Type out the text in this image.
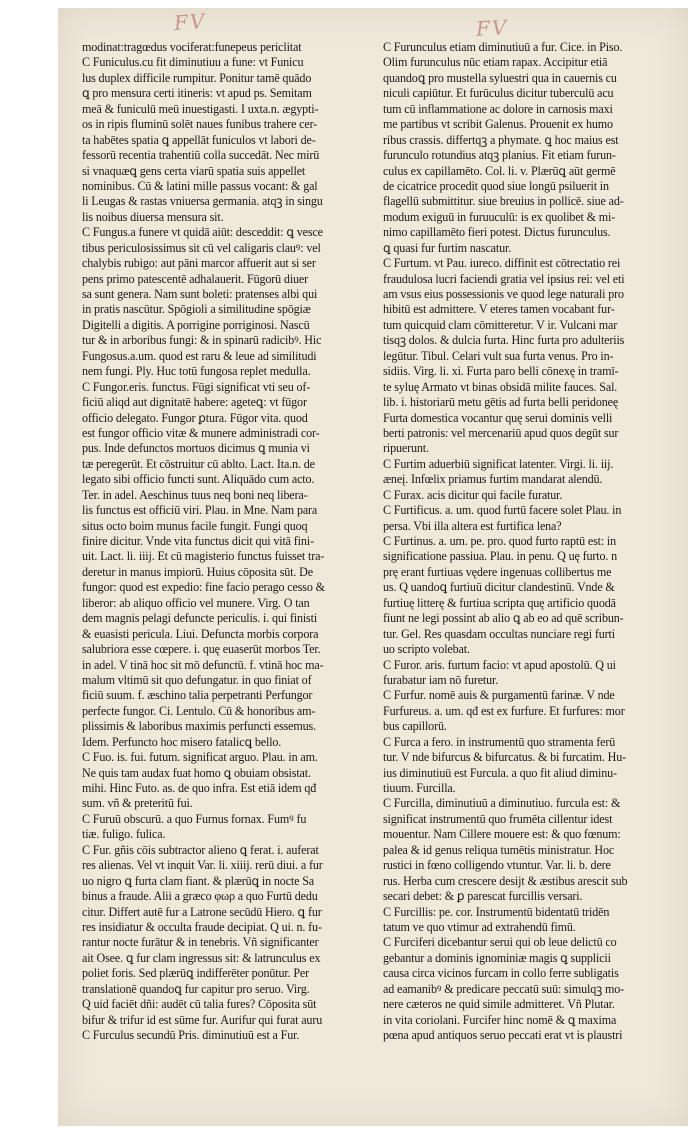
FV	FV
modinat:tragœdus vociferat:funepeus periclitat
C Funiculus.cu fit diminutiuu a fune: vt Funicu
lus duplex difficile rumpitur. Ponitur tamē quādo
ꝗ pro mensura certi itineris: vt apud ps. Semitam
meā & funiculū meū inuestigasti. I uxta.n. ægypti-
os in ripis fluminū solēt naues funibus trahere cer-
ta habētes spatia ꝗ appellāt funiculos vt labori de-
fessorū recentia trahentiū colla succedāt. Nec mirū
si vnaquæꝗ gens certa viarū spatia suis appellet
nominibus. Cū & latini mille passus vocant: & gal
li Leugas & rastas vniuersa germania. atqꝫ in singu
lis noibus diuersa mensura sit.
C Fungus.a funere vt quidā aiūt: desceddit: ꝗ vesce
tibus periculosissimus sit cū vel caligaris clauꝰ: vel
chalybis rubigo: aut pāni marcor affuerit aut si ser
pens primo patescentē adhalauerit. Fūgorū diuer
sa sunt genera. Nam sunt boleti: pratenses albi qui
in pratis nascūtur. Spōgioli a similitudine spōgiæ
Digitelli a digitis. A porrigine porriginosi. Nascū
tur & in arboribus fungi: & in spinarū radicibꝰ. Hic
Fungosus.a.um. quod est raru & leue ad similitudi
nem fungi. Ply. Huc totū fungosa replet medulla.
C Fungor.eris. functus. Fūgi significat vti seu of-
ficiū aliqd aut dignitatē habere: ageteꝗ: vt fūgor
officio delegato. Fungor ꝑtura. Fūgor vita. quod
est fungor officio vitæ & munere administradi cor-
pus. Inde defunctos mortuos dicimus ꝗ munia vi
tæ peregerūt. Et cōstruitur cū ablto. Lact. Ita.n. de
legato sibi officio functi sunt. Aliquādo cum acto.
Ter. in adel. Aeschinus tuus neq boni neq libera-
lis functus est officiū viri. Plau. in Mne. Nam para
situs octo boim munus facile fungit. Fungi quoq
finire dicitur. Vnde vita functus dicit qui vitā fini-
uit. Lact. li. iiij. Et cū magisterio functus fuisset tra-
deretur in manus impiorū. Huius cōposita sūt. De
fungor: quod est expedio: fine facio perago cesso &
liberor: ab aliquo officio vel munere. Virg. O tan
dem magnis pelagi defuncte periculis. i. qui finisti
& euasisti pericula. Liui. Defuncta morbis corpora
salubriora esse cœpere. i. quę euaserūt morbos Ter.
in adel. V tinā hoc sit mō defunctū. f. vtinā hoc ma-
malum vltimū sit quo defungatur. in quo finiat of
ficiū suum. f. æschino talia perpetranti Perfungor
perfecte fungor. Ci. Lentulo. Cū & honoribus am-
plissimis & laboribus maximis perfuncti essemus.
Idem. Perfuncto hoc misero fatalicꝗ bello.
C Fuo. is. fui. futum. significat arguo. Plau. in am.
Ne quis tam audax fuat homo ꝗ obuiam obsistat.
mihi. Hinc Futo. as. de quo infra. Est etiā idem qđ
sum. vñ & preteritū fui.
C Furuū obscurū. a quo Furnus fornax. Fumꝰ fu
tiæ. fuligo. fulica.
C Fur. gñis cōis subtractor alieno ꝗ ferat. i. auferat
res alienas. Vel vt inquit Var. li. xiiij. rerū diui. a fur
uo nigro ꝗ furta clam fiant. & plærūꝗ in nocte Sa
binus a fraude. Alii a græco φωρ a quo Furtū dedu
citur. Differt autē fur a Latrone secūdū Hiero. ꝗ fur
res insidiatur & occulta fraude decipiat. Q ui. n. fu-
rantur nocte furātur & in tenebris. Vñ significanter
ait Osee. ꝗ fur clam ingressus sit: & latrunculus ex
poliet foris. Sed plærūꝗ indifferēter ponūtur. Per
translationē quandoꝗ fur capitur pro seruo. Virg.
Q uid faciēt dñi: audēt cū talia fures? Cōposita sūt
bifur & trifur id est sūme fur. Aurifur qui furat auru
C Furculus secundū Pris. diminutiuū est a Fur.
C Furunculus etiam diminutiuū a fur. Cice. in Piso.
Olim furunculus nūc etiam rapax. Accipitur etiā
quandoꝗ pro mustella syluestri qua in cauernis cu
niculi capiūtur. Et furūculus dicitur tuberculū acu
tum cū inflammatione ac dolore in carnosis maxi
me partibus vt scribit Galenus. Prouenit ex humo
ribus crassis. differtqꝫ a phymate. ꝗ hoc maius est
furunculo rotundius atqꝫ planius. Fit etiam furun-
culus ex capillamēto. Col. li. v. Plærūꝗ aūt germē
de cicatrice procedit quod siue longū psiluerit in
flagellū submittitur. siue breuius in pollicē. siue ad-
modum exiguū in furuuculū: is ex quolibet & mi-
nimo capillamēto fieri potest. Dictus furunculus.
ꝗ quasi fur furtim nascatur.
C Furtum. vt Pau. iureco. diffinit est cōtrectatio rei
fraudulosa lucri faciendi gratia vel ipsius rei: vel eti
am vsus eius possessionis ve quod lege naturali pro
hibitū est admittere. V eteres tamen vocabant fur-
tum quicquid clam cōmitteretur. V ir. Vulcani mar
tisqꝫ dolos. & dulcia furta. Hinc furta pro adulteriis
legūtur. Tibul. Celari vult sua furta venus. Pro in-
sidiis. Virg. li. xi. Furta paro belli cōnexę in tramī-
te syluę Armato vt binas obsidā milite fauces. Sal.
lib. i. historiarū metu gētis ad furta belli peridoneę
Furta domestica vocantur quę serui dominis velli
berti patronis: vel mercenariū apud quos degūt sur
ripuerunt.
C Furtim aduerbiū significat latenter. Virgi. li. iij.
æneį. Infœlix priamus furtim mandarat alendū.
C Furax. acis dicitur qui facile furatur.
C Furtificus. a. um. quod furtū facere solet Plau. in
persa. Vbi illa altera est furtifica lena?
C Furtinus. a. um. pe. pro. quod furto raptū est: in
significatione passiua. Plau. in penu. Q uę furto. n
prę erant furtiuas vędere ingenuas collibertus me
us. Q uandoꝗ furtiuū dicitur clandestinū. Vnde &
furtiuę litterę & furtiua scripta quę artificio quodā
fiunt ne legi possint ab alio ꝗ ab eo ad quē scribun-
tur. Gel. Res quasdam occultas nunciare regi furti
uo scripto volebat.
C Furor. aris. furtum facio: vt apud apostolū. Q ui
furabatur iam nō furetur.
C Furfur. nomē auis & purgamentū farinæ. V nde
Furfureus. a. um. qđ est ex furfure. Et furfures: mor
bus capillorū.
C Furca a fero. in instrumentū quo stramenta ferū
tur. V nde bifurcus & bifurcatus. & bi furcatim. Hu-
ius diminutiuū est Furcula. a quo fit aliud diminu-
tiuum. Furcilla.
C Furcilla, diminutiuū a diminutiuo. furcula est: &
significat instrumentū quo frumēta cillentur idest
mouentur. Nam Cillere mouere est: & quo fœnum:
palea & id genus reliqua tumētis ministratur. Hoc
rustici in fœno colligendo vtuntur. Var. li. b. dere
rus. Herba cum crescere desijt & æstibus arescit sub
secari debet: & ꝑ parescat furcillis versari.
C Furcillis: pe. cor. Instrumentū bidentatū tridēn
tatum ve quo vtimur ad extrahendū fimū.
C Furciferi dicebantur serui qui ob leue delictū co
gebantur a dominis ignominiæ magis ꝗ supplicii
causa circa vicinos furcam in collo ferre subligatis
ad eamanibꝰ & predicare peccatū suū: simulqꝫ mo-
nere cæteros ne quid simile admitteret. Vñ Plutar.
in vita coriolani. Furcifer hinc nomē & ꝗ maxima
pœna apud antiquos seruo peccati erat vt is plaustri
